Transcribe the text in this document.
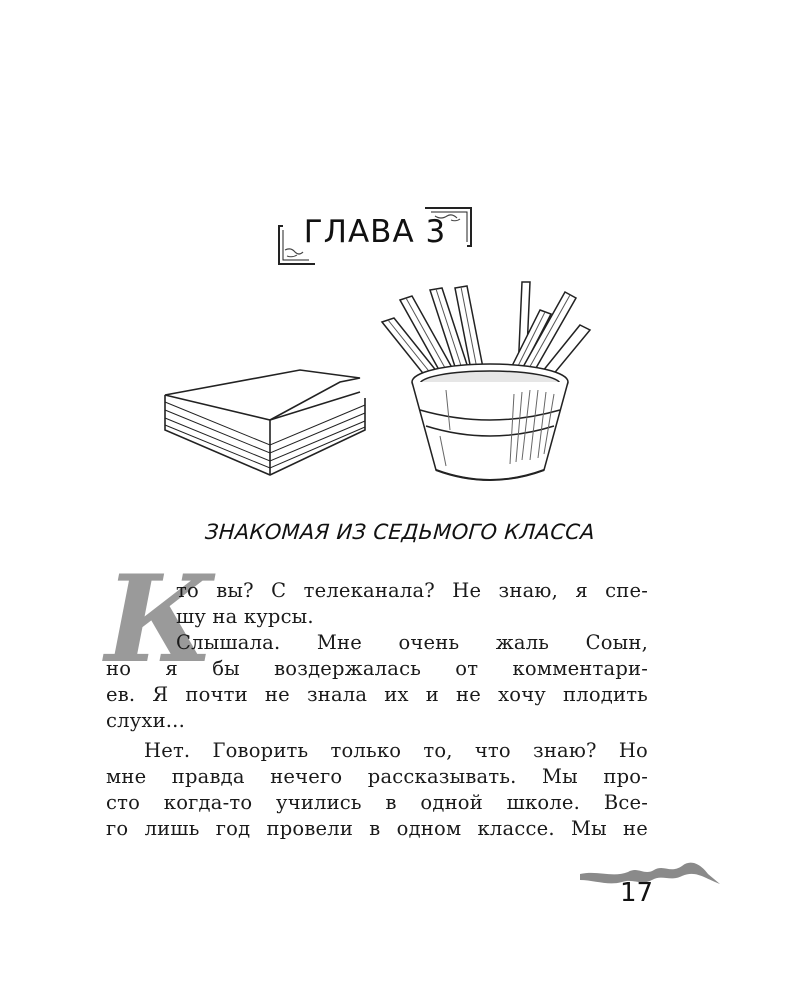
ГЛАВА 3
ЗНАКОМАЯ ИЗ СЕДЬМОГО КЛАССА
К
то вы? С телеканала? Не знаю, я спе-
шу на курсы.
Слышала. Мне очень жаль Соын,
но я бы воздержалась от комментари-
ев. Я почти не знала их и не хочу плодить
слухи...
Нет. Говорить только то, что знаю? Но
мне правда нечего рассказывать. Мы про-
сто когда-то учились в одной школе. Все-
го лишь год провели в одном классе. Мы не
17
